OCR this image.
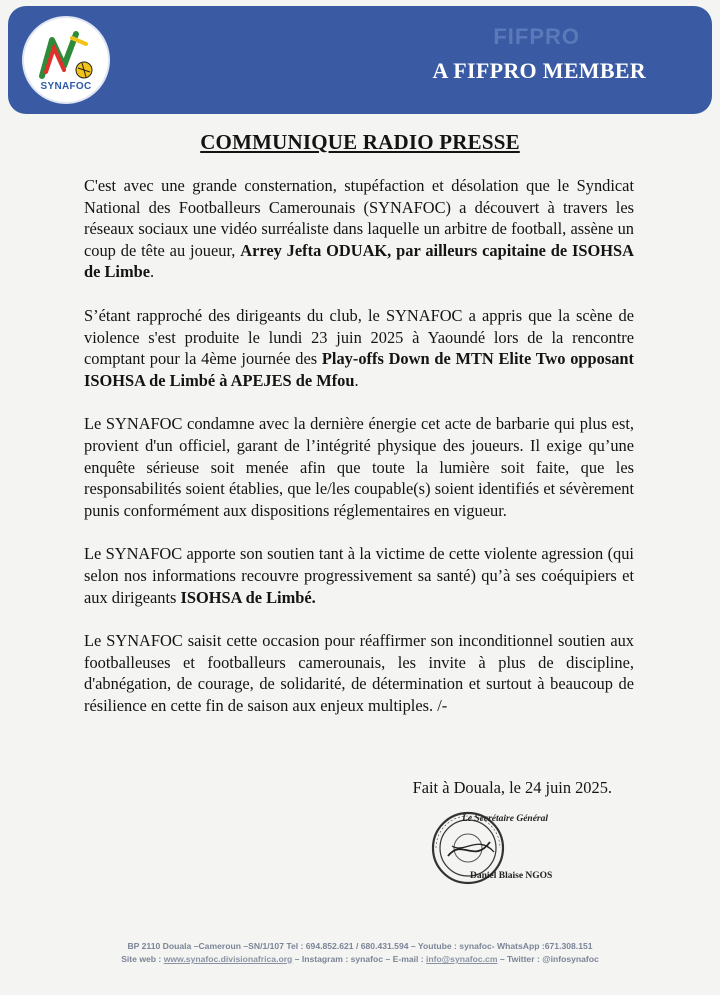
SYNAFOC
FIFPRO
A FIFPRO MEMBER
COMMUNIQUE RADIO PRESSE

C'est avec une grande consternation, stupéfaction et désolation que le Syndicat National des Footballeurs Camerounais (SYNAFOC) a découvert à travers les réseaux sociaux une vidéo surréaliste dans laquelle un arbitre de football, assène un coup de tête au joueur, Arrey Jefta ODUAK, par ailleurs capitaine de ISOHSA de Limbe.

S’étant rapproché des dirigeants du club, le SYNAFOC a appris que la scène de violence s'est produite le lundi 23 juin 2025 à Yaoundé lors de la rencontre comptant pour la 4ème journée des Play-offs Down de MTN Elite Two opposant ISOHSA de Limbé à APEJES de Mfou.

Le SYNAFOC condamne avec la dernière énergie cet acte de barbarie qui plus est, provient d'un officiel, garant de l’intégrité physique des joueurs. Il exige qu’une enquête sérieuse soit menée afin que toute la lumière soit faite, que les responsabilités soient établies, que le/les coupable(s) soient identifiés et sévèrement punis conformément aux dispositions réglementaires en vigueur.

Le SYNAFOC apporte son soutien tant à la victime de cette violente agression (qui selon nos informations recouvre progressivement sa santé) qu’à ses coéquipiers et aux dirigeants ISOHSA de Limbé.

Le SYNAFOC saisit cette occasion pour réaffirmer son inconditionnel soutien aux footballeuses et footballeurs camerounais, les invite à plus de discipline, d'abnégation, de courage, de solidarité, de détermination et surtout à beaucoup de résilience en cette fin de saison aux enjeux multiples. /-

Fait à Douala, le 24 juin 2025.
Le Secrétaire Général
Daniel Blaise NGOS
BP 2110 Douala –Cameroun –SN/1/107 Tel : 694.852.621 / 680.431.594 – Youtube : synafoc- WhatsApp :671.308.151
Site web : www.synafoc.divisionafrica.org – Instagram : synafoc – E-mail : info@synafoc.cm – Twitter : @infosynafoc
